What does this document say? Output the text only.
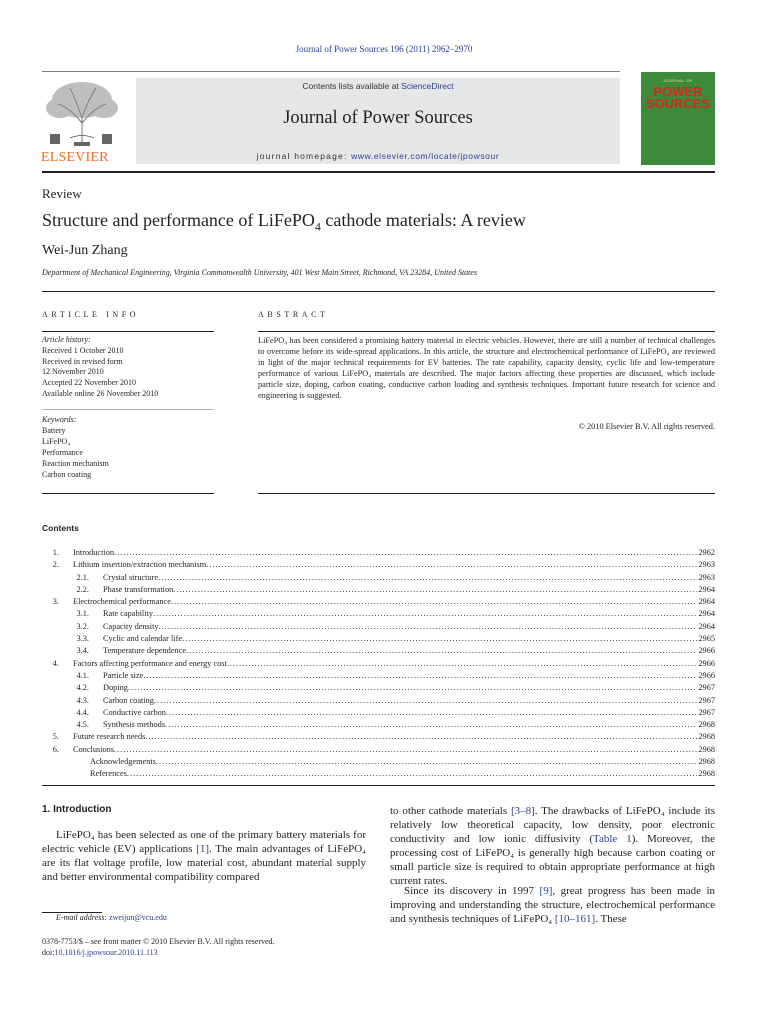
Journal of Power Sources 196 (2011) 2962–2970
ELSEVIER
Contents lists available at ScienceDirect
Journal of Power Sources
journal homepage: www.elsevier.com/locate/jpowsour
JOURNAL OF
POWER
SOURCES
Review
Structure and performance of LiFePO$_4$ cathode materials: A review
Wei-Jun Zhang
Department of Mechanical Engineering, Virginia Commonwealth University, 401 West Main Street, Richmond, VA 23284, United States
ARTICLE INFO	ABSTRACT
Article history:
Received 1 October 2010
Received in revised form
12 November 2010
Accepted 22 November 2010
Available online 26 November 2010
Keywords:
Battery
LiFePO₄
Performance
Reaction mechanism
Carbon coating
LiFePO₄ has been considered a promising battery material in electric vehicles. However, there are still a number of technical challenges to overcome before its wide-spread applications. In this article, the structure and electrochemical performance of LiFePO₄ are reviewed in light of the major technical requirements for EV batteries. The rate capability, capacity density, cyclic life and low-temperature performance of various LiFePO₄ materials are described. The major factors affecting these properties are discussed, which include particle size, doping, carbon coating, conductive carbon loading and synthesis techniques. Important future research for science and engineering is suggested.
© 2010 Elsevier B.V. All rights reserved.
Contents
1.	Introduction .....	2962
2.	Lithium insertion/extraction mechanism .....	2963
2.1.	Crystal structure .....	2963
2.2.	Phase transformation .....	2964
3.	Electrochemical performance .....	2964
3.1.	Rate capability .....	2964
3.2.	Capacity density .....	2964
3.3.	Cyclic and calendar life .....	2965
3.4.	Temperature dependence .....	2966
4.	Factors affecting performance and energy cost .....	2966
4.1.	Particle size .....	2966
4.2.	Doping .....	2967
4.3.	Carbon coating .....	2967
4.4.	Conductive carbon .....	2967
4.5.	Synthesis methods .....	2968
5.	Future research needs .....	2968
6.	Conclusions .....	2968
Acknowledgements .....	2968
References .....	2968
1. Introduction
LiFePO₄ has been selected as one of the primary battery materials for electric vehicle (EV) applications [1]. The main advantages of LiFePO₄ are its flat voltage profile, low material cost, abundant material supply and better environmental compatibility compared
to other cathode materials [3–8]. The drawbacks of LiFePO₄ include its relatively low theoretical capacity, low density, poor electronic conductivity and low ionic diffusivity (Table 1). Moreover, the processing cost of LiFePO₄ is generally high because carbon coating or small particle size is required to obtain appropriate performance at high current rates.
Since its discovery in 1997 [9], great progress has been made in improving and understanding the structure, electrochemical performance and synthesis techniques of LiFePO₄ [10–161]. These
E-mail address: zweijun@vcu.edu
0378-7753/$ – see front matter © 2010 Elsevier B.V. All rights reserved.
doi:10.1016/j.jpowsour.2010.11.113
